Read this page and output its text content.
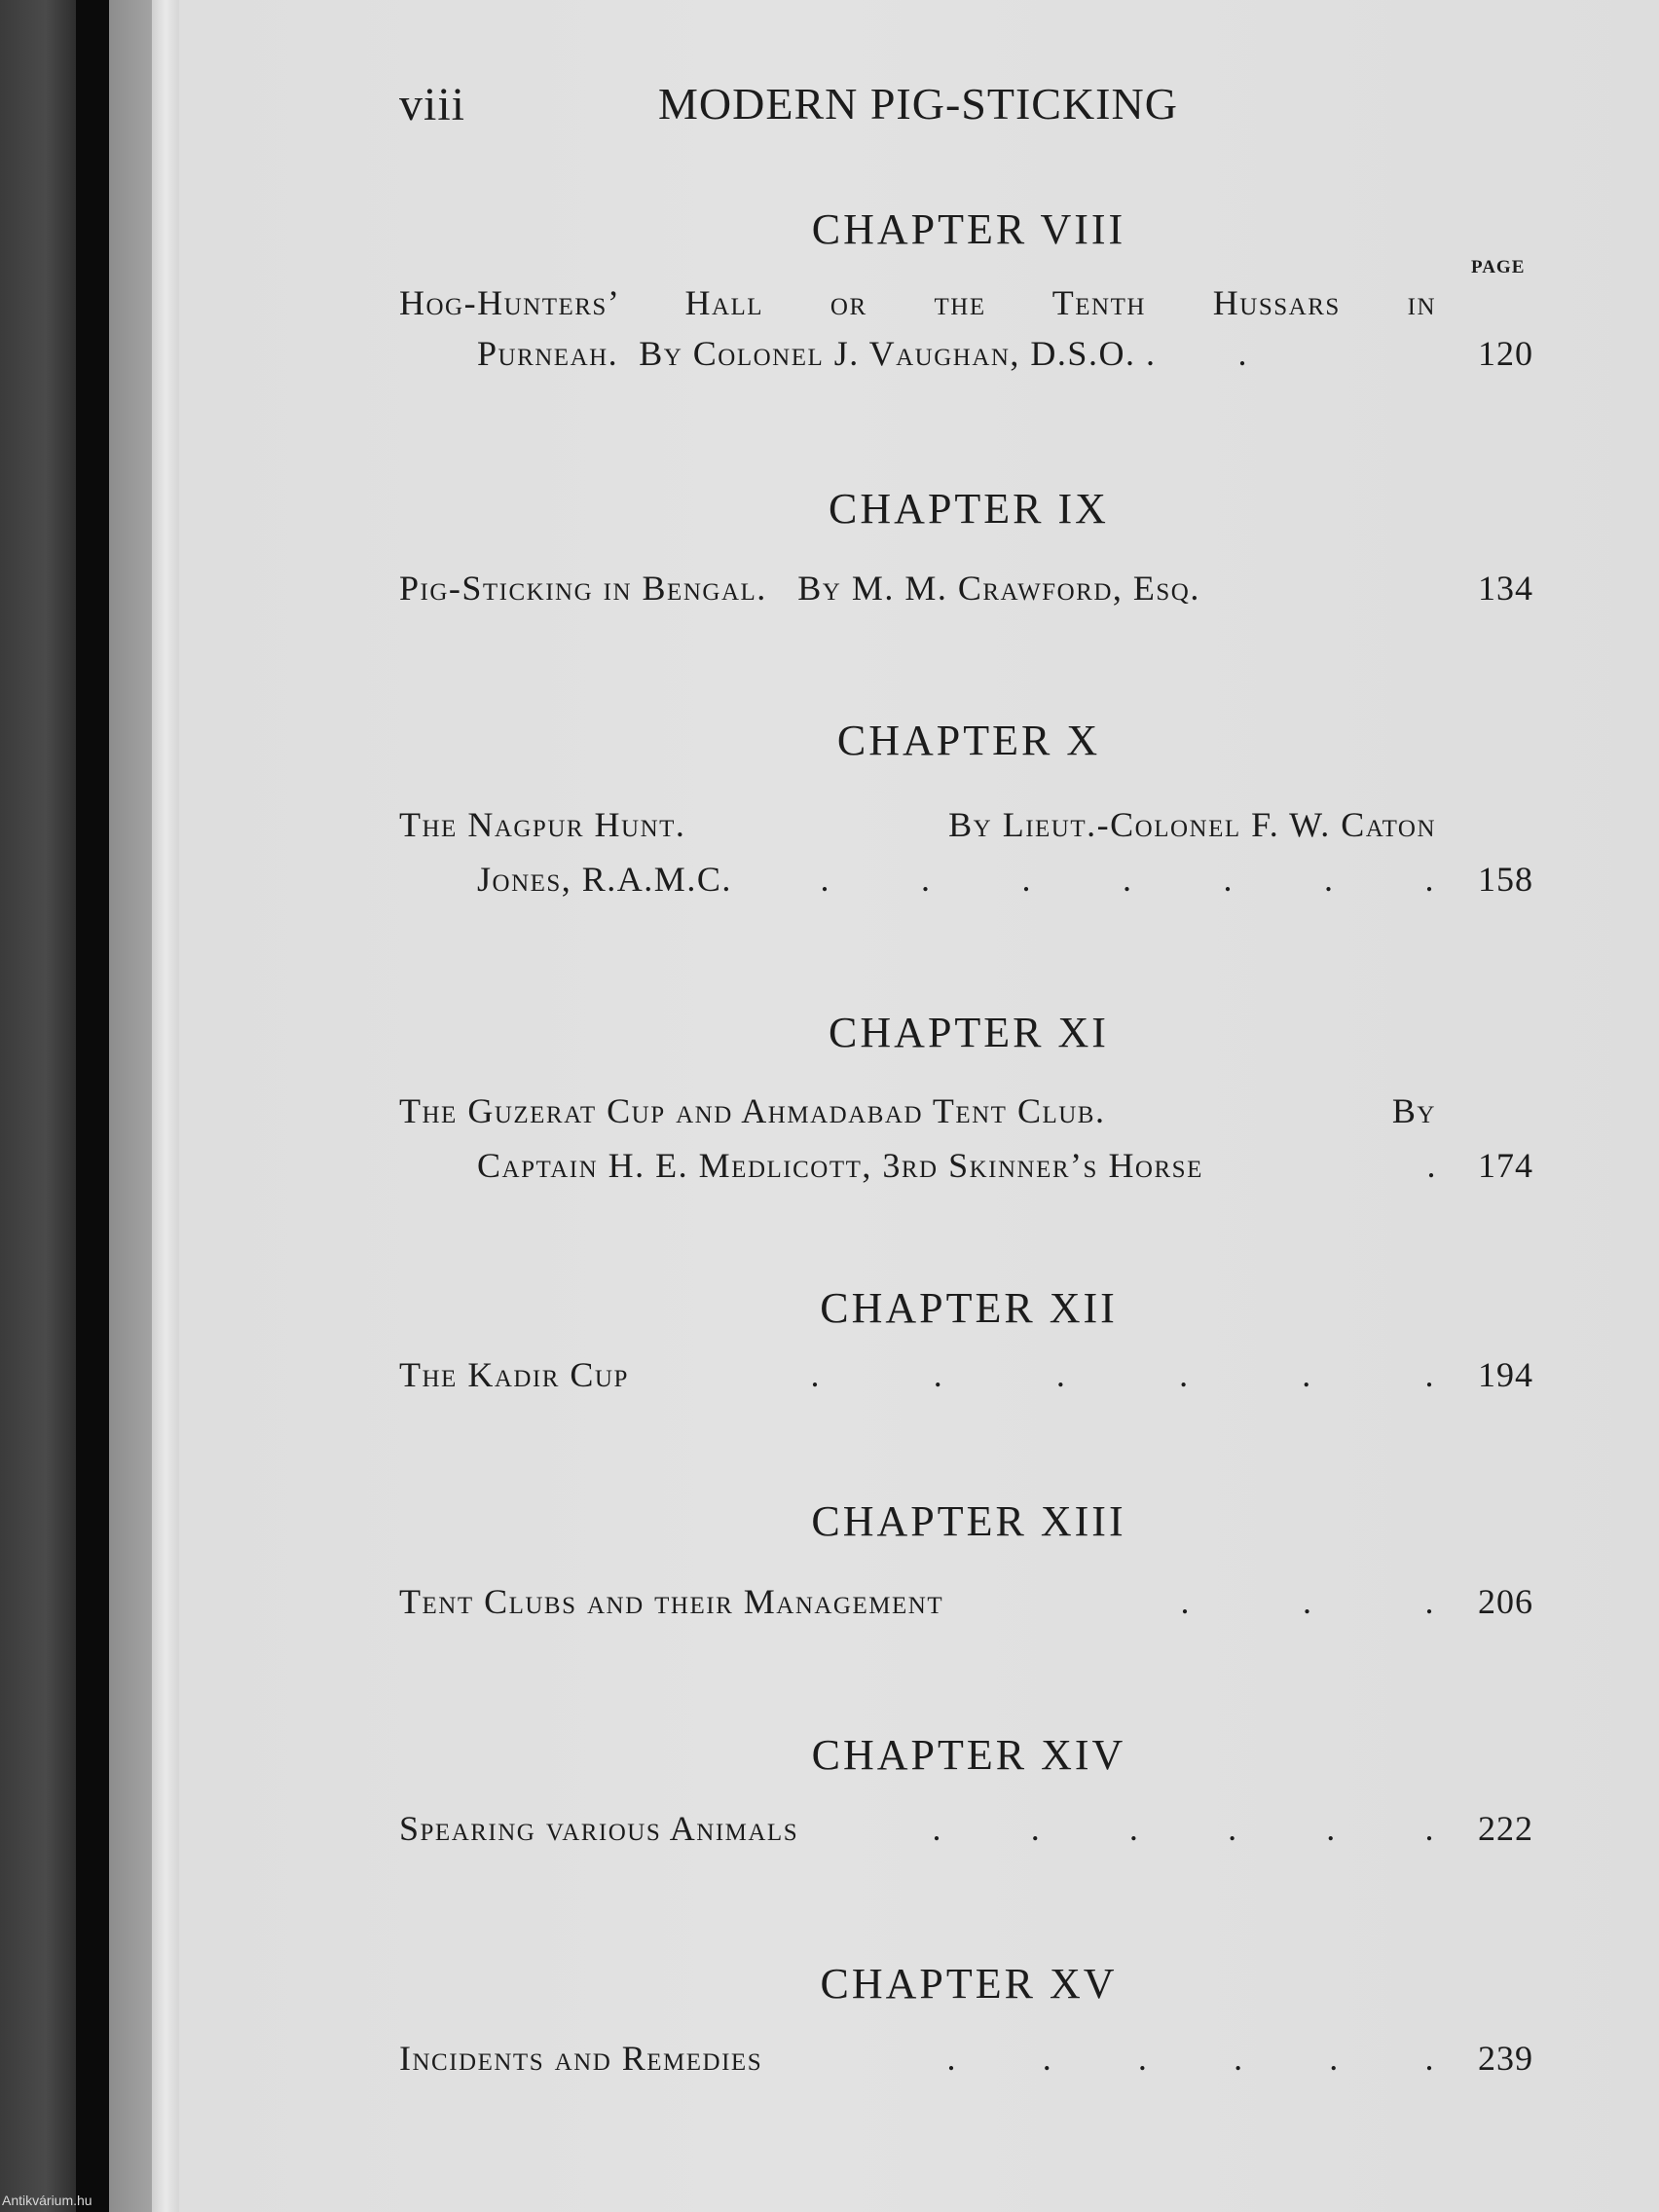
viii	MODERN PIG-STICKING
CHAPTER VIII
PAGE
Hog-Hunters’ Hall or the Tenth Hussars in
Purneah. By Colonel J. Vaughan, D.S.O. .        .	120
CHAPTER IX
Pig-Sticking in Bengal. By M. M. Crawford, Esq.	134
CHAPTER X
The Nagpur Hunt.	By Lieut.-Colonel F. W. Caton
Jones, R.A.M.C.	.	.	.	.	.	.	. 158
CHAPTER XI
The Guzerat Cup and Ahmadabad Tent Club.	By
Captain H. E. Medlicott, 3rd Skinner’s Horse	. 174
CHAPTER XII
The Kadir Cup	.	.	.	.	.	. 194
CHAPTER XIII
Tent Clubs and their Management	.	.	. 206
CHAPTER XIV
Spearing various Animals	.	.	.	.	.	. 222
CHAPTER XV
Incidents and Remedies	. . . . . . 239
Antikvárium.hu
